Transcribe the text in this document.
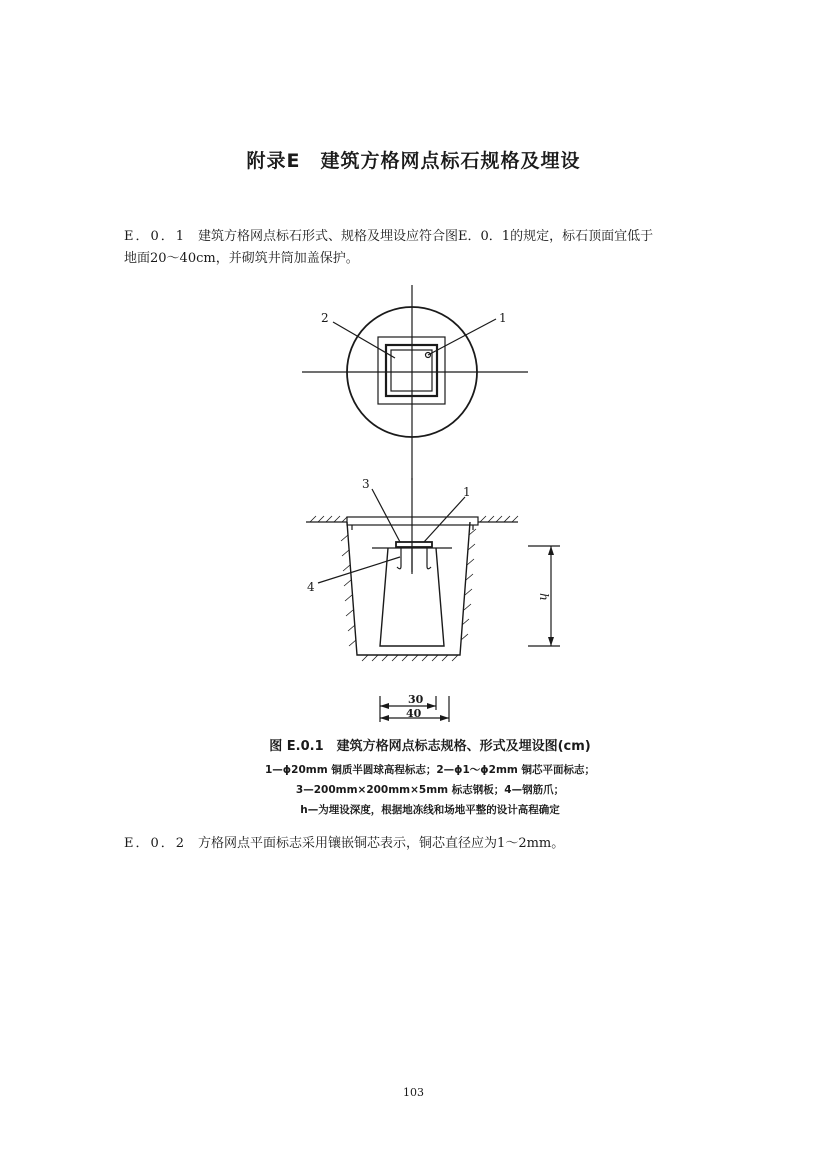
附录E 建筑方格网点标石规格及埋设
E．0．1 建筑方格网点标石形式、规格及埋设应符合图E．0．1的规定，标石顶面宜低于
地面20～40cm，并砌筑井筒加盖保护。
2	1
3
1
4
h
30
40
图 E.0.1　建筑方格网点标志规格、形式及埋设图(cm)
1—ϕ20mm 铜质半圆球高程标志；2—ϕ1～ϕ2mm 铜芯平面标志；
3—200mm×200mm×5mm 标志钢板；4—钢筋爪；
h—为埋设深度，根据地冻线和场地平整的设计高程确定
E．0．2 方格网点平面标志采用镶嵌铜芯表示，铜芯直径应为1～2mm。
103
